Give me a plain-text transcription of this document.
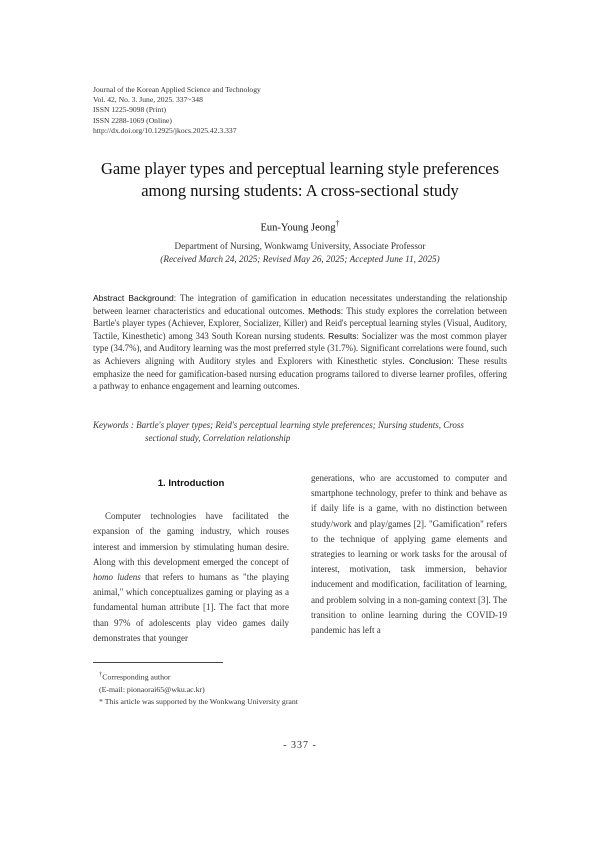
Journal of the Korean Applied Science and Technology
Vol. 42, No. 3. June, 2025. 337~348
ISSN 1225-9098 (Print)
ISSN 2288-1069 (Online)
http://dx.doi.org/10.12925/jkocs.2025.42.3.337
Game player types and perceptual learning style preferences
among nursing students: A cross-sectional study
Eun-Young Jeong†
Department of Nursing, Wonkwamg University, Associate Professor
(Received March 24, 2025; Revised May 26, 2025; Accepted June 11, 2025)
Abstract Background: The integration of gamification in education necessitates understanding the relationship between learner characteristics and educational outcomes. Methods: This study explores the correlation between Bartle's player types (Achiever, Explorer, Socializer, Killer) and Reid's perceptual learning styles (Visual, Auditory, Tactile, Kinesthetic) among 343 South Korean nursing students. Results: Socializer was the most common player type (34.7%), and Auditory learning was the most preferred style (31.7%). Significant correlations were found, such as Achievers aligning with Auditory styles and Explorers with Kinesthetic styles. Conclusion: These results emphasize the need for gamification-based nursing education programs tailored to diverse learner profiles, offering a pathway to enhance engagement and learning outcomes.
Keywords : Bartle's player types; Reid's perceptual learning style preferences; Nursing students, Cross
sectional study, Correlation relationship
1. Introduction

Computer technologies have facilitated the expansion of the gaming industry, which rouses interest and immersion by stimulating human desire. Along with this development emerged the concept of homo ludens that refers to humans as "the playing animal," which conceptualizes gaming or playing as a fundamental human attribute [1]. The fact that more than 97% of adolescents play video games daily demonstrates that younger

generations, who are accustomed to computer and smartphone technology, prefer to think and behave as if daily life is a game, with no distinction between study/work and play/games [2]. "Gamification" refers to the technique of applying game elements and strategies to learning or work tasks for the arousal of interest, motivation, task immersion, behavior inducement and modification, facilitation of learning, and problem solving in a non-gaming context [3]. The transition to online learning during the COVID-19 pandemic has left a

†Corresponding author
(E-mail: pionaorai65@wku.ac.kr)
* This article was supported by the Wonkwang University grant
- 337 -
